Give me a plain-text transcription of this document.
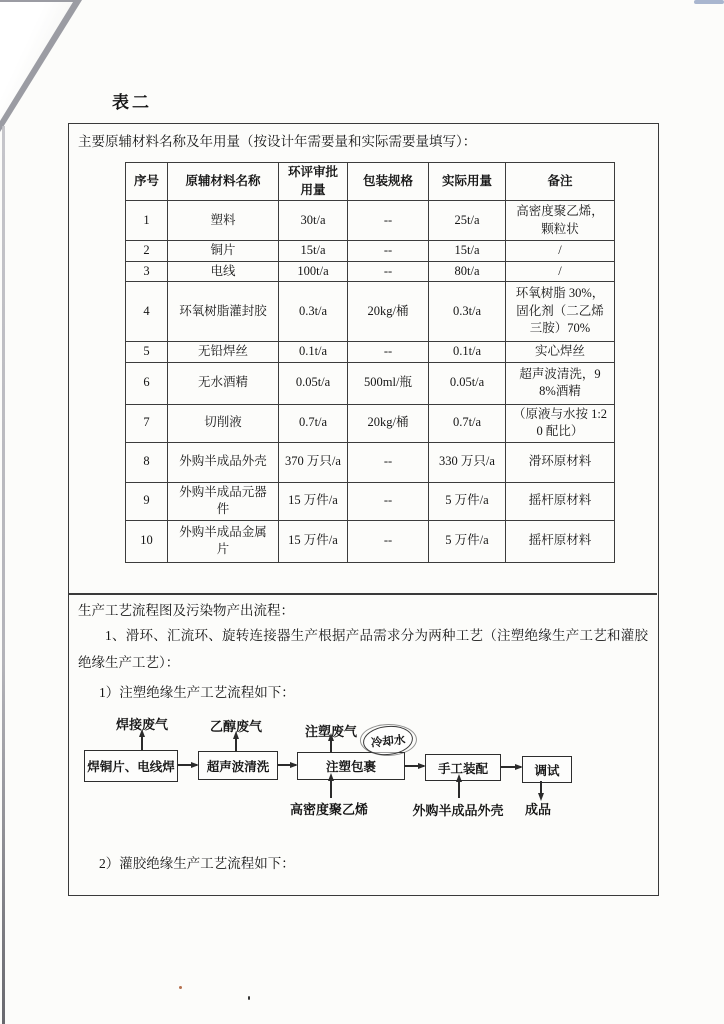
表二
主要原辅材料名称及年用量（按设计年需要量和实际需要量填写）：
序号	原辅材料名称	环评审批用量	包装规格	实际用量	备注
1	塑料	30t/a	--	25t/a	高密度聚乙烯，颗粒状
2	铜片	15t/a	--	15t/a	/
3	电线	100t/a	--	80t/a	/
4	环氧树脂灌封胶	0.3t/a	20kg/桶	0.3t/a	环氧树脂 30%，固化剂（二乙烯三胺）70%
5	无铅焊丝	0.1t/a	--	0.1t/a	实心焊丝
6	无水酒精	0.05t/a	500ml/瓶	0.05t/a	超声波清洗，98%酒精
7	切削液	0.7t/a	20kg/桶	0.7t/a	（原液与水按 1:20 配比）
8	外购半成品外壳	370 万只/a	--	330 万只/a	滑环原材料
9	外购半成品元器件	15 万件/a	--	5 万件/a	摇杆原材料
10	外购半成品金属片	15 万件/a	--	5 万件/a	摇杆原材料
生产工艺流程图及污染物产出流程：
1、滑环、汇流环、旋转连接器生产根据产品需求分为两种工艺（注塑绝缘生产工艺和灌胶绝缘生产工艺）：
1）注塑绝缘生产工艺流程如下：
焊接废气
焊铜片、电线焊
乙醇废气
超声波清洗
注塑废气
注塑包裹
冷却水
高密度聚乙烯
手工装配
外购半成品外壳
调试
成品
2）灌胶绝缘生产工艺流程如下：
